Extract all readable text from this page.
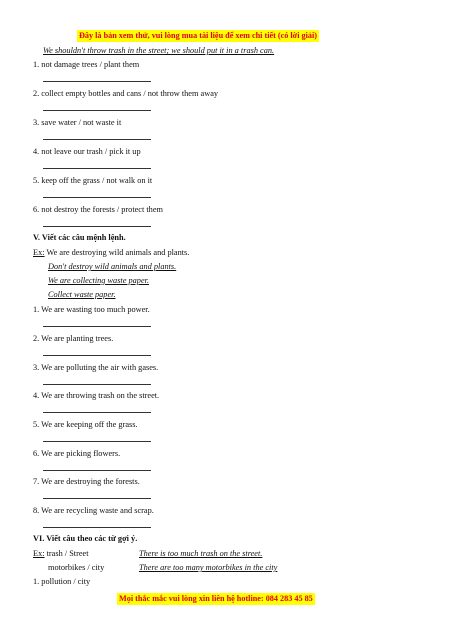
Đây là bản xem thử, vui lòng mua tài liệu để xem chi tiết (có lời giải)
We shouldn't throw trash in the street; we should put it in a trash can.
1. not damage trees / plant them
2. collect empty bottles and cans / not throw them away
3. save water / not waste it
4. not leave our trash / pick it up
5. keep off the grass / not walk on it
6. not destroy the forests / protect them
V. Viết các câu mệnh lệnh.
Ex: We are destroying wild animals and plants.
Don't destroy wild animals and plants.
We are collecting waste paper.
Collect waste paper.
1. We are wasting too much power.
2. We are planting trees.
3. We are polluting the air with gases.
4. We are throwing trash on the street.
5. We are keeping off the grass.
6. We are picking flowers.
7. We are destroying the forests.
8. We are recycling waste and scrap.
VI. Viết câu theo các từ gợi ý.
Ex: trash / Street	There is too much trash on the street.
motorbikes / city	There are too many motorbikes in the city
1. pollution / city
Mọi thắc mắc vui lòng xin liên hệ hotline: 084 283 45 85
